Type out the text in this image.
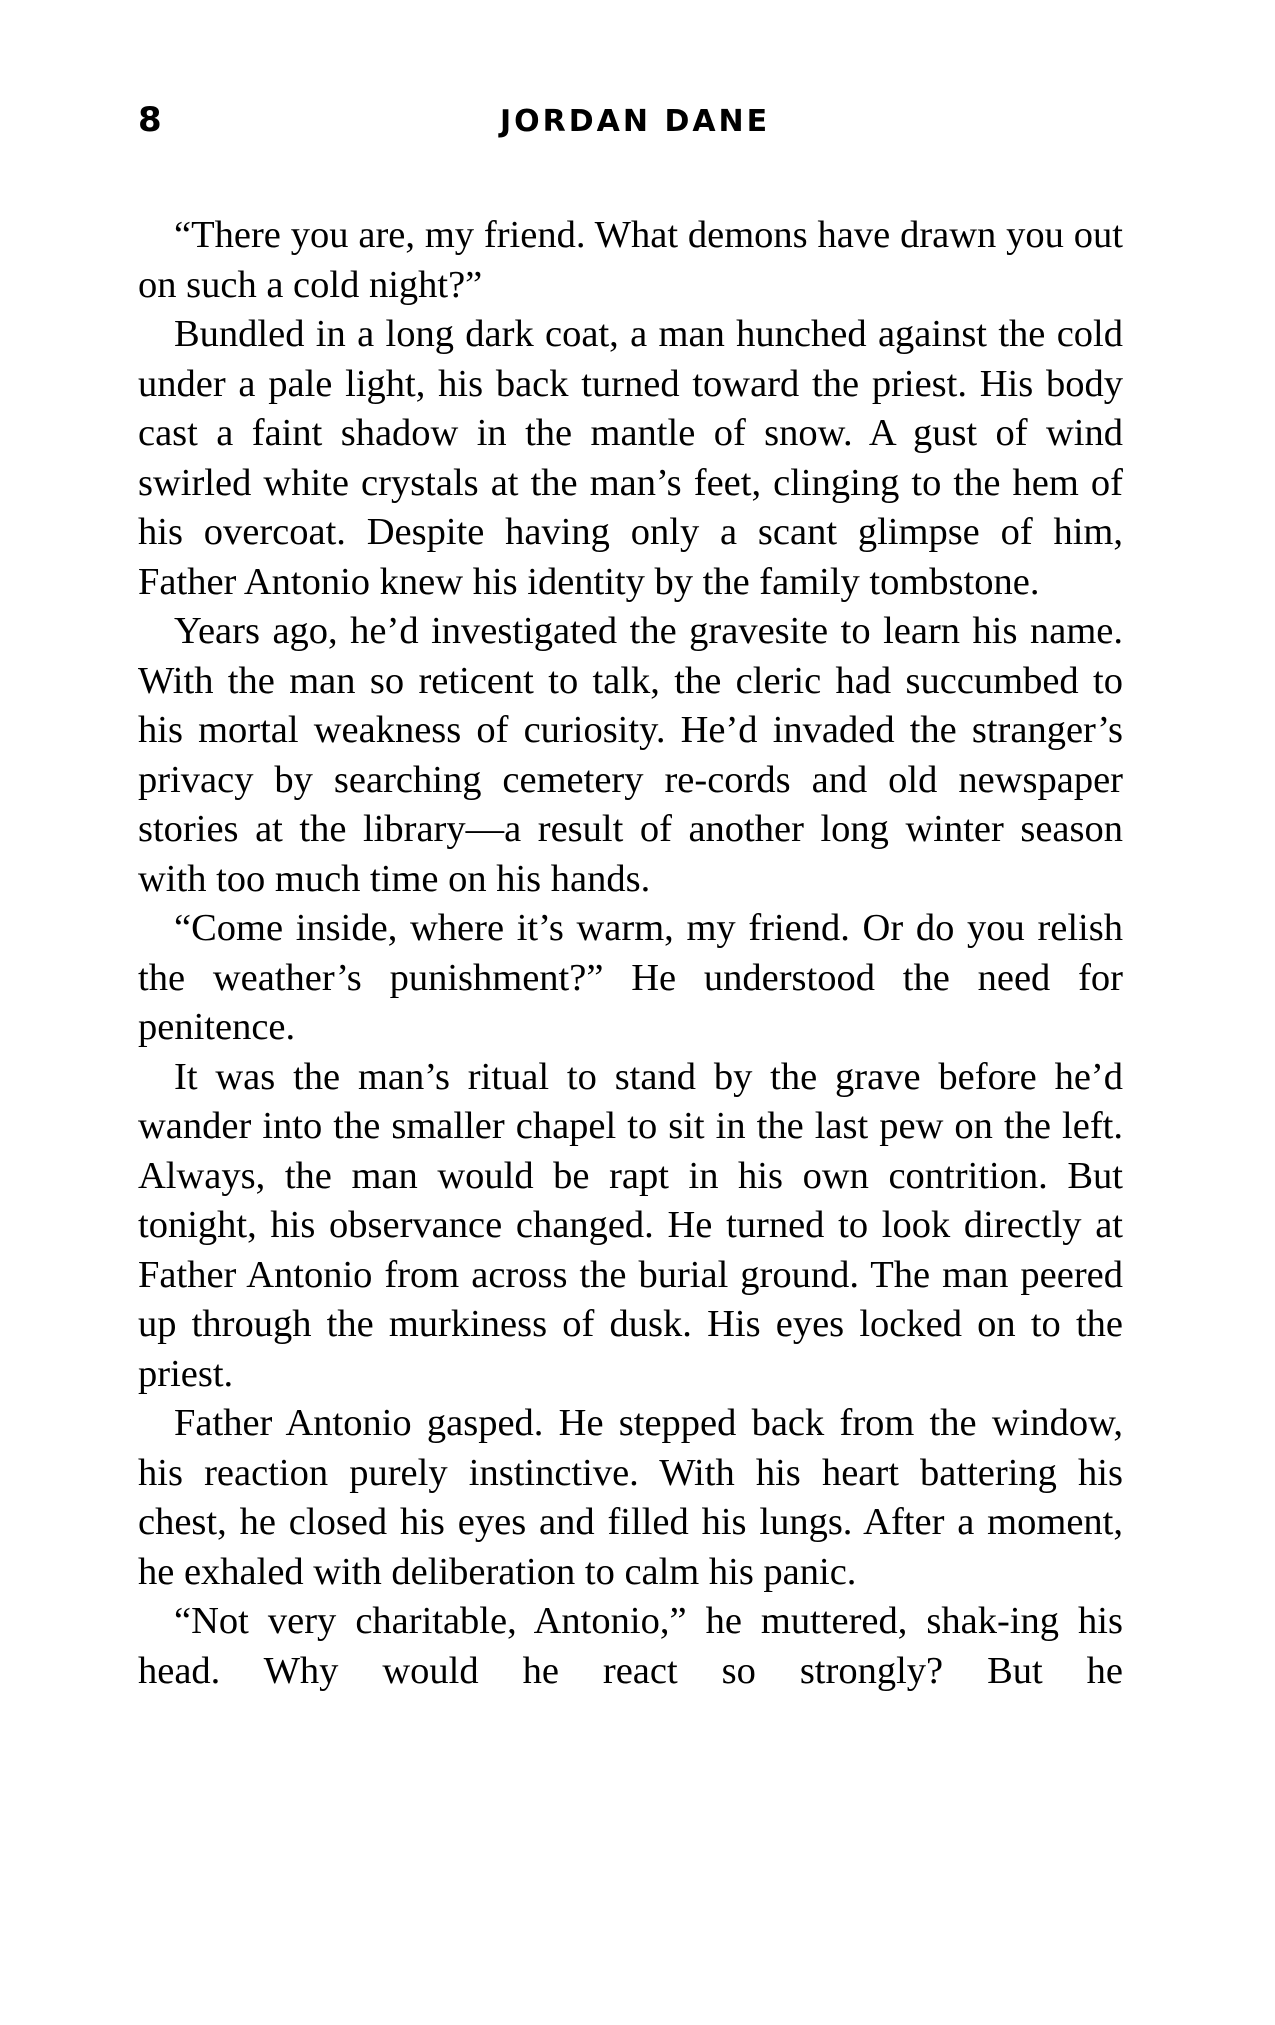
8	JORDAN DANE

“There you are, my friend. What demons have drawn you out on such a cold night?”

Bundled in a long dark coat, a man hunched against the cold under a pale light, his back turned toward the priest. His body cast a faint shadow in the mantle of snow. A gust of wind swirled white crystals at the man’s feet, clinging to the hem of his overcoat. Despite having only a scant glimpse of him, Father Antonio knew his identity by the family tombstone.

Years ago, he’d investigated the gravesite to learn his name. With the man so reticent to talk, the cleric had succumbed to his mortal weakness of curiosity. He’d invaded the stranger’s privacy by searching cemetery re-cords and old newspaper stories at the library—a result of another long winter season with too much time on his hands.

“Come inside, where it’s warm, my friend. Or do you relish the weather’s punishment?” He understood the need for penitence.

It was the man’s ritual to stand by the grave before he’d wander into the smaller chapel to sit in the last pew on the left. Always, the man would be rapt in his own contrition. But tonight, his observance changed. He turned to look directly at Father Antonio from across the burial ground. The man peered up through the murkiness of dusk. His eyes locked on to the priest.

Father Antonio gasped. He stepped back from the window, his reaction purely instinctive. With his heart battering his chest, he closed his eyes and filled his lungs. After a moment, he exhaled with deliberation to calm his panic.

“Not very charitable, Antonio,” he muttered, shak-ing his head. Why would he react so strongly? But he
